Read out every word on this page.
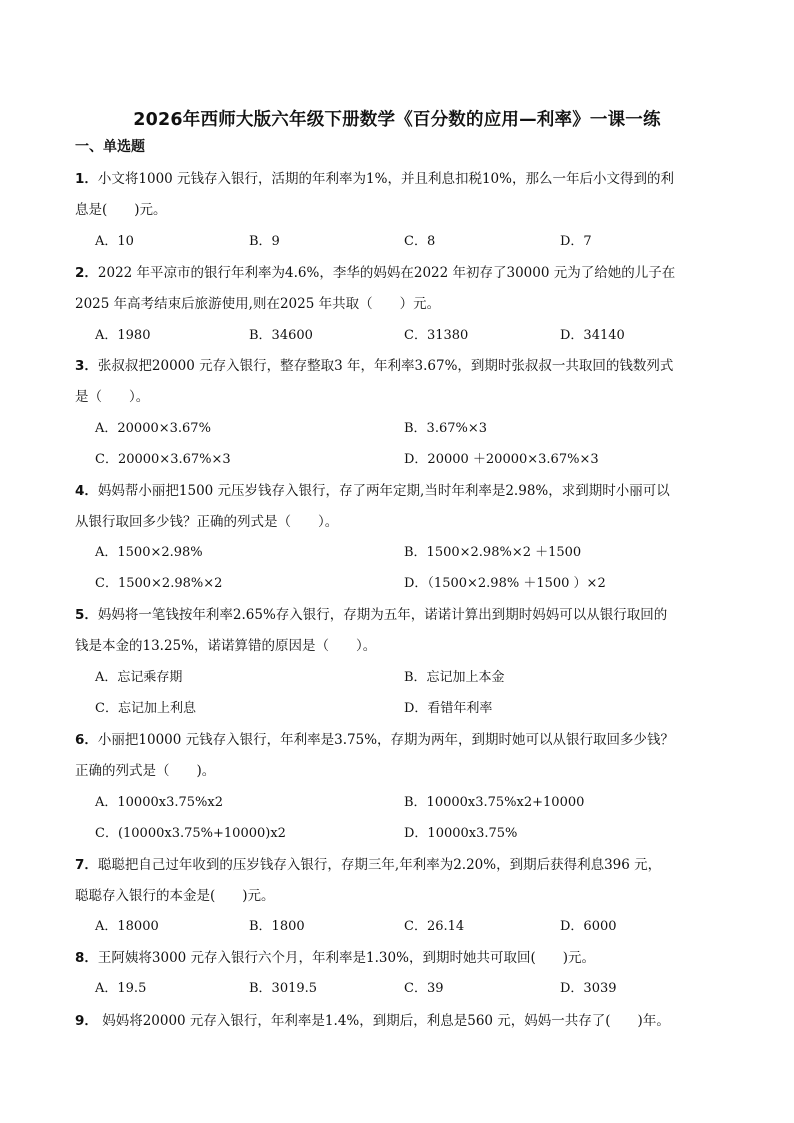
2026年西师大版六年级下册数学《百分数的应用—利率》一课一练
一、单选题
1．小文将1000 元钱存入银行，活期的年利率为1%，并且利息扣税10%，那么一年后小文得到的利
息是(　　)元。
A．10	B．9	C．8	D．7
2．2022 年平凉市的银行年利率为4.6%，李华的妈妈在2022 年初存了30000 元为了给她的儿子在
2025 年高考结束后旅游使用,则在2025 年共取（　　）元。
A．1980	B．34600	C．31380	D．34140
3．张叔叔把20000 元存入银行，整存整取3 年，年利率3.67%，到期时张叔叔一共取回的钱数列式
是（　　）。
A．20000×3.67%	B．3.67%×3
C．20000×3.67%×3	D．20000 ＋20000×3.67%×3
4．妈妈帮小丽把1500 元压岁钱存入银行，存了两年定期,当时年利率是2.98%，求到期时小丽可以
从银行取回多少钱？正确的列式是（　　）。
A．1500×2.98%	B．1500×2.98%×2 ＋1500
C．1500×2.98%×2	D．（1500×2.98% ＋1500 ）×2
5．妈妈将一笔钱按年利率2.65%存入银行，存期为五年，诺诺计算出到期时妈妈可以从银行取回的
钱是本金的13.25%，诺诺算错的原因是（　　）。
A．忘记乘存期	B．忘记加上本金
C．忘记加上利息	D．看错年利率
6．小丽把10000 元钱存入银行，年利率是3.75%，存期为两年，到期时她可以从银行取回多少钱？
正确的列式是（　　)。
A．10000x3.75%x2	B．10000x3.75%x2+10000
C．(10000x3.75%+10000)x2	D．10000x3.75%
7．聪聪把自己过年收到的压岁钱存入银行，存期三年,年利率为2.20%，到期后获得利息396 元，
聪聪存入银行的本金是(　　)元。
A．18000	B．1800	C．26.14	D．6000
8．王阿姨将3000 元存入银行六个月，年利率是1.30%，到期时她共可取回(　　)元。
A．19.5	B．3019.5	C．39	D．3039
9． 妈妈将20000 元存入银行，年利率是1.4%，到期后，利息是560 元，妈妈一共存了(　　)年。
